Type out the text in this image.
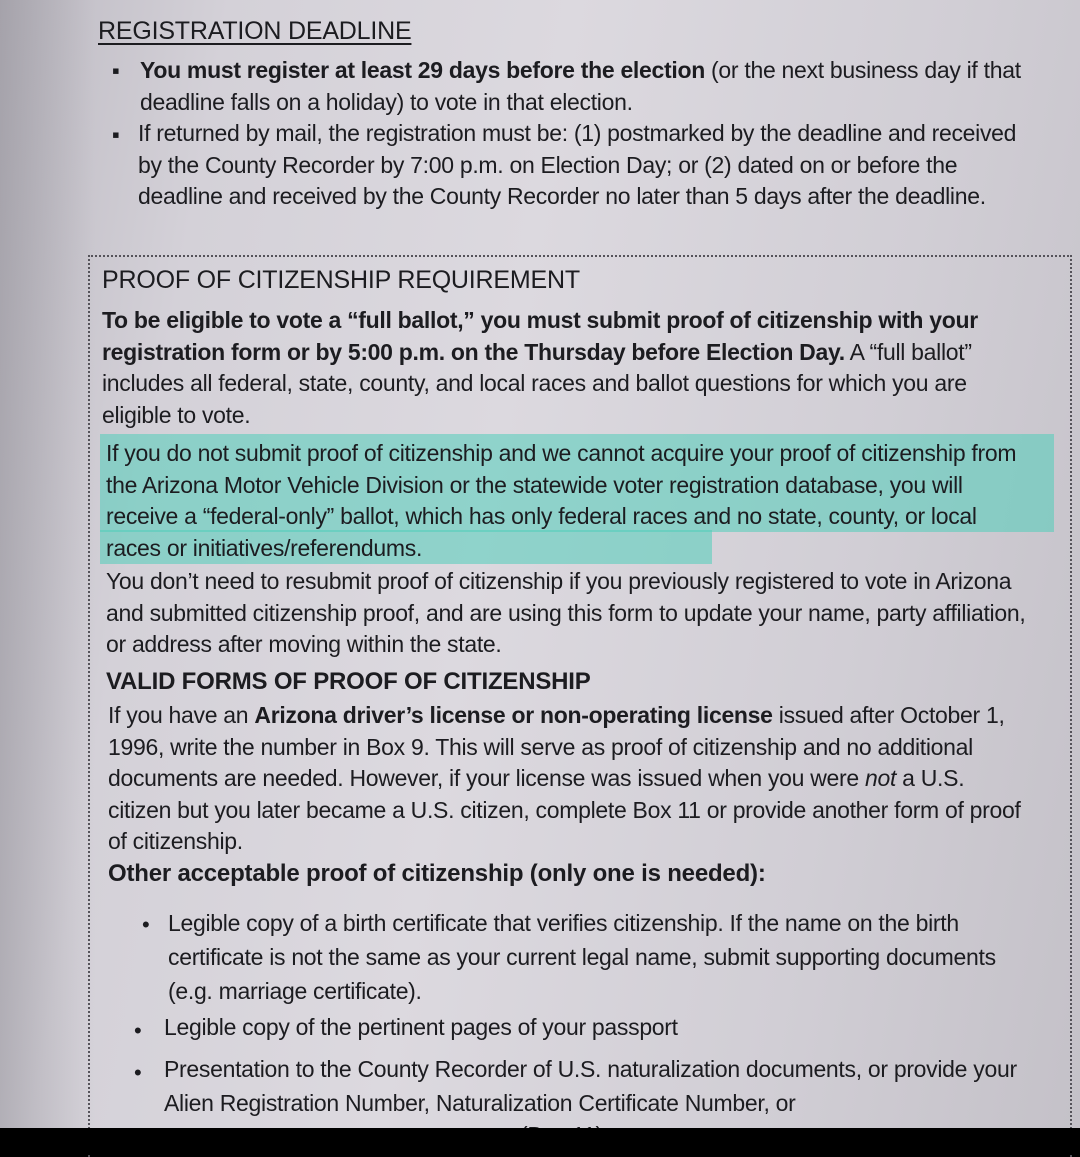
REGISTRATION DEADLINE
▪ You must register at least 29 days before the election (or the next business day if that deadline falls on a holiday) to vote in that election.

▪ If returned by mail, the registration must be: (1) postmarked by the deadline and received by the County Recorder by 7:00 p.m. on Election Day; or (2) dated on or before the deadline and received by the County Recorder no later than 5 days after the deadline.

PROOF OF CITIZENSHIP REQUIREMENT

To be eligible to vote a “full ballot,” you must submit proof of citizenship with your registration form or by 5:00 p.m. on the Thursday before Election Day. A “full ballot” includes all federal, state, county, and local races and ballot questions for which you are eligible to vote.

If you do not submit proof of citizenship and we cannot acquire your proof of citizenship from the Arizona Motor Vehicle Division or the statewide voter registration database, you will receive a “federal-only” ballot, which has only federal races and no state, county, or local races or initiatives/referendums.

You don’t need to resubmit proof of citizenship if you previously registered to vote in Arizona and submitted citizenship proof, and are using this form to update your name, party affiliation, or address after moving within the state.

VALID FORMS OF PROOF OF CITIZENSHIP

If you have an Arizona driver’s license or non-operating license issued after October 1, 1996, write the number in Box 9. This will serve as proof of citizenship and no additional documents are needed. However, if your license was issued when you were not a U.S. citizen but you later became a U.S. citizen, complete Box 11 or provide another form of proof of citizenship.

Other acceptable proof of citizenship (only one is needed):
• Legible copy of a birth certificate that verifies citizenship. If the name on the birth certificate is not the same as your current legal name, submit supporting documents (e.g. marriage certificate).

• Legible copy of the pertinent pages of your passport

• Presentation to the County Recorder of U.S. naturalization documents, or provide your Alien Registration Number, Naturalization Certificate Number, or
